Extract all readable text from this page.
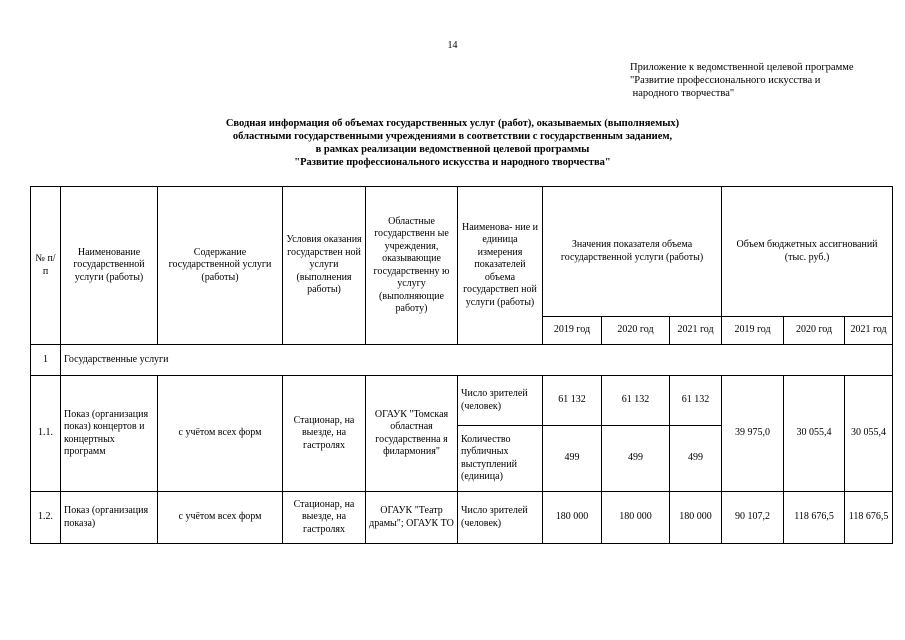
14
Приложение к ведомственной целевой программе
"Развитие профессионального искусства и
народного творчества"
Сводная информация об объемах государственных услуг (работ), оказываемых (выполняемых)
областными государственными учреждениями в соответствии с государственным заданием,
в рамках реализации ведомственной целевой программы
"Развитие профессионального искусства и народного творчества"
№ п/п	Наименование государственной услуги (работы)	Содержание государственной услуги (работы)	Условия оказания государствен ной услуги (выполнения работы)	Областные государственн ые учреждения, оказывающие государственну ю услугу (выполняющие работу)	Наименова- ние и единица измерения показателей объема государствеп ной услуги (работы)	Значения показателя объема государственной услуги (работы)			Объем бюджетных ассигнований (тыс. руб.)		
						2019 год	2020 год	2021 год	2019 год	2020 год	2021 год
1	Государственные услуги										
1.1.	Показ (организация показ) концертов и концертных программ	с учётом всех форм	Стационар, на выезде, на гастролях	ОГАУК "Томская областная государственна я филармония"	Число зрителей (человек)	61 132	61 132	61 132	39 975,0	30 055,4	30 055,4
					Количество публичных выступлений (единица)	499	499	499			
1.2.	Показ (организация показа)	с учётом всех форм	Стационар, на выезде, на гастролях	ОГАУК "Театр драмы"; ОГАУК ТО	Число зрителей (человек)	180 000	180 000	180 000	90 107,2	118 676,5	118 676,5
